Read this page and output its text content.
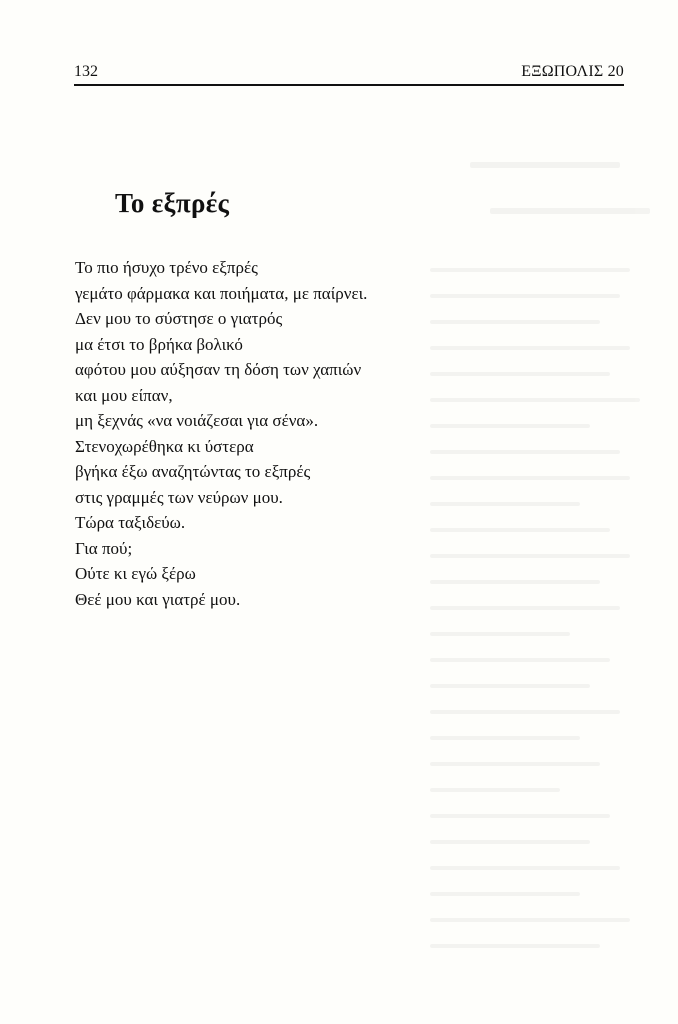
132	ΕΞΩΠΟΛΙΣ 20
Το εξπρές
Το πιο ήσυχο τρένο εξπρές
γεμάτο φάρμακα και ποιήματα, με παίρνει.
Δεν μου το σύστησε ο γιατρός
μα έτσι το βρήκα βολικό
αφότου μου αύξησαν τη δόση των χαπιών
και μου είπαν,
μη ξεχνάς «να νοιάζεσαι για σένα».
Στενοχωρέθηκα κι ύστερα
βγήκα έξω αναζητώντας το εξπρές
στις γραμμές των νεύρων μου.
Τώρα ταξιδεύω.
Για πού;
Ούτε κι εγώ ξέρω
Θεέ μου και γιατρέ μου.
